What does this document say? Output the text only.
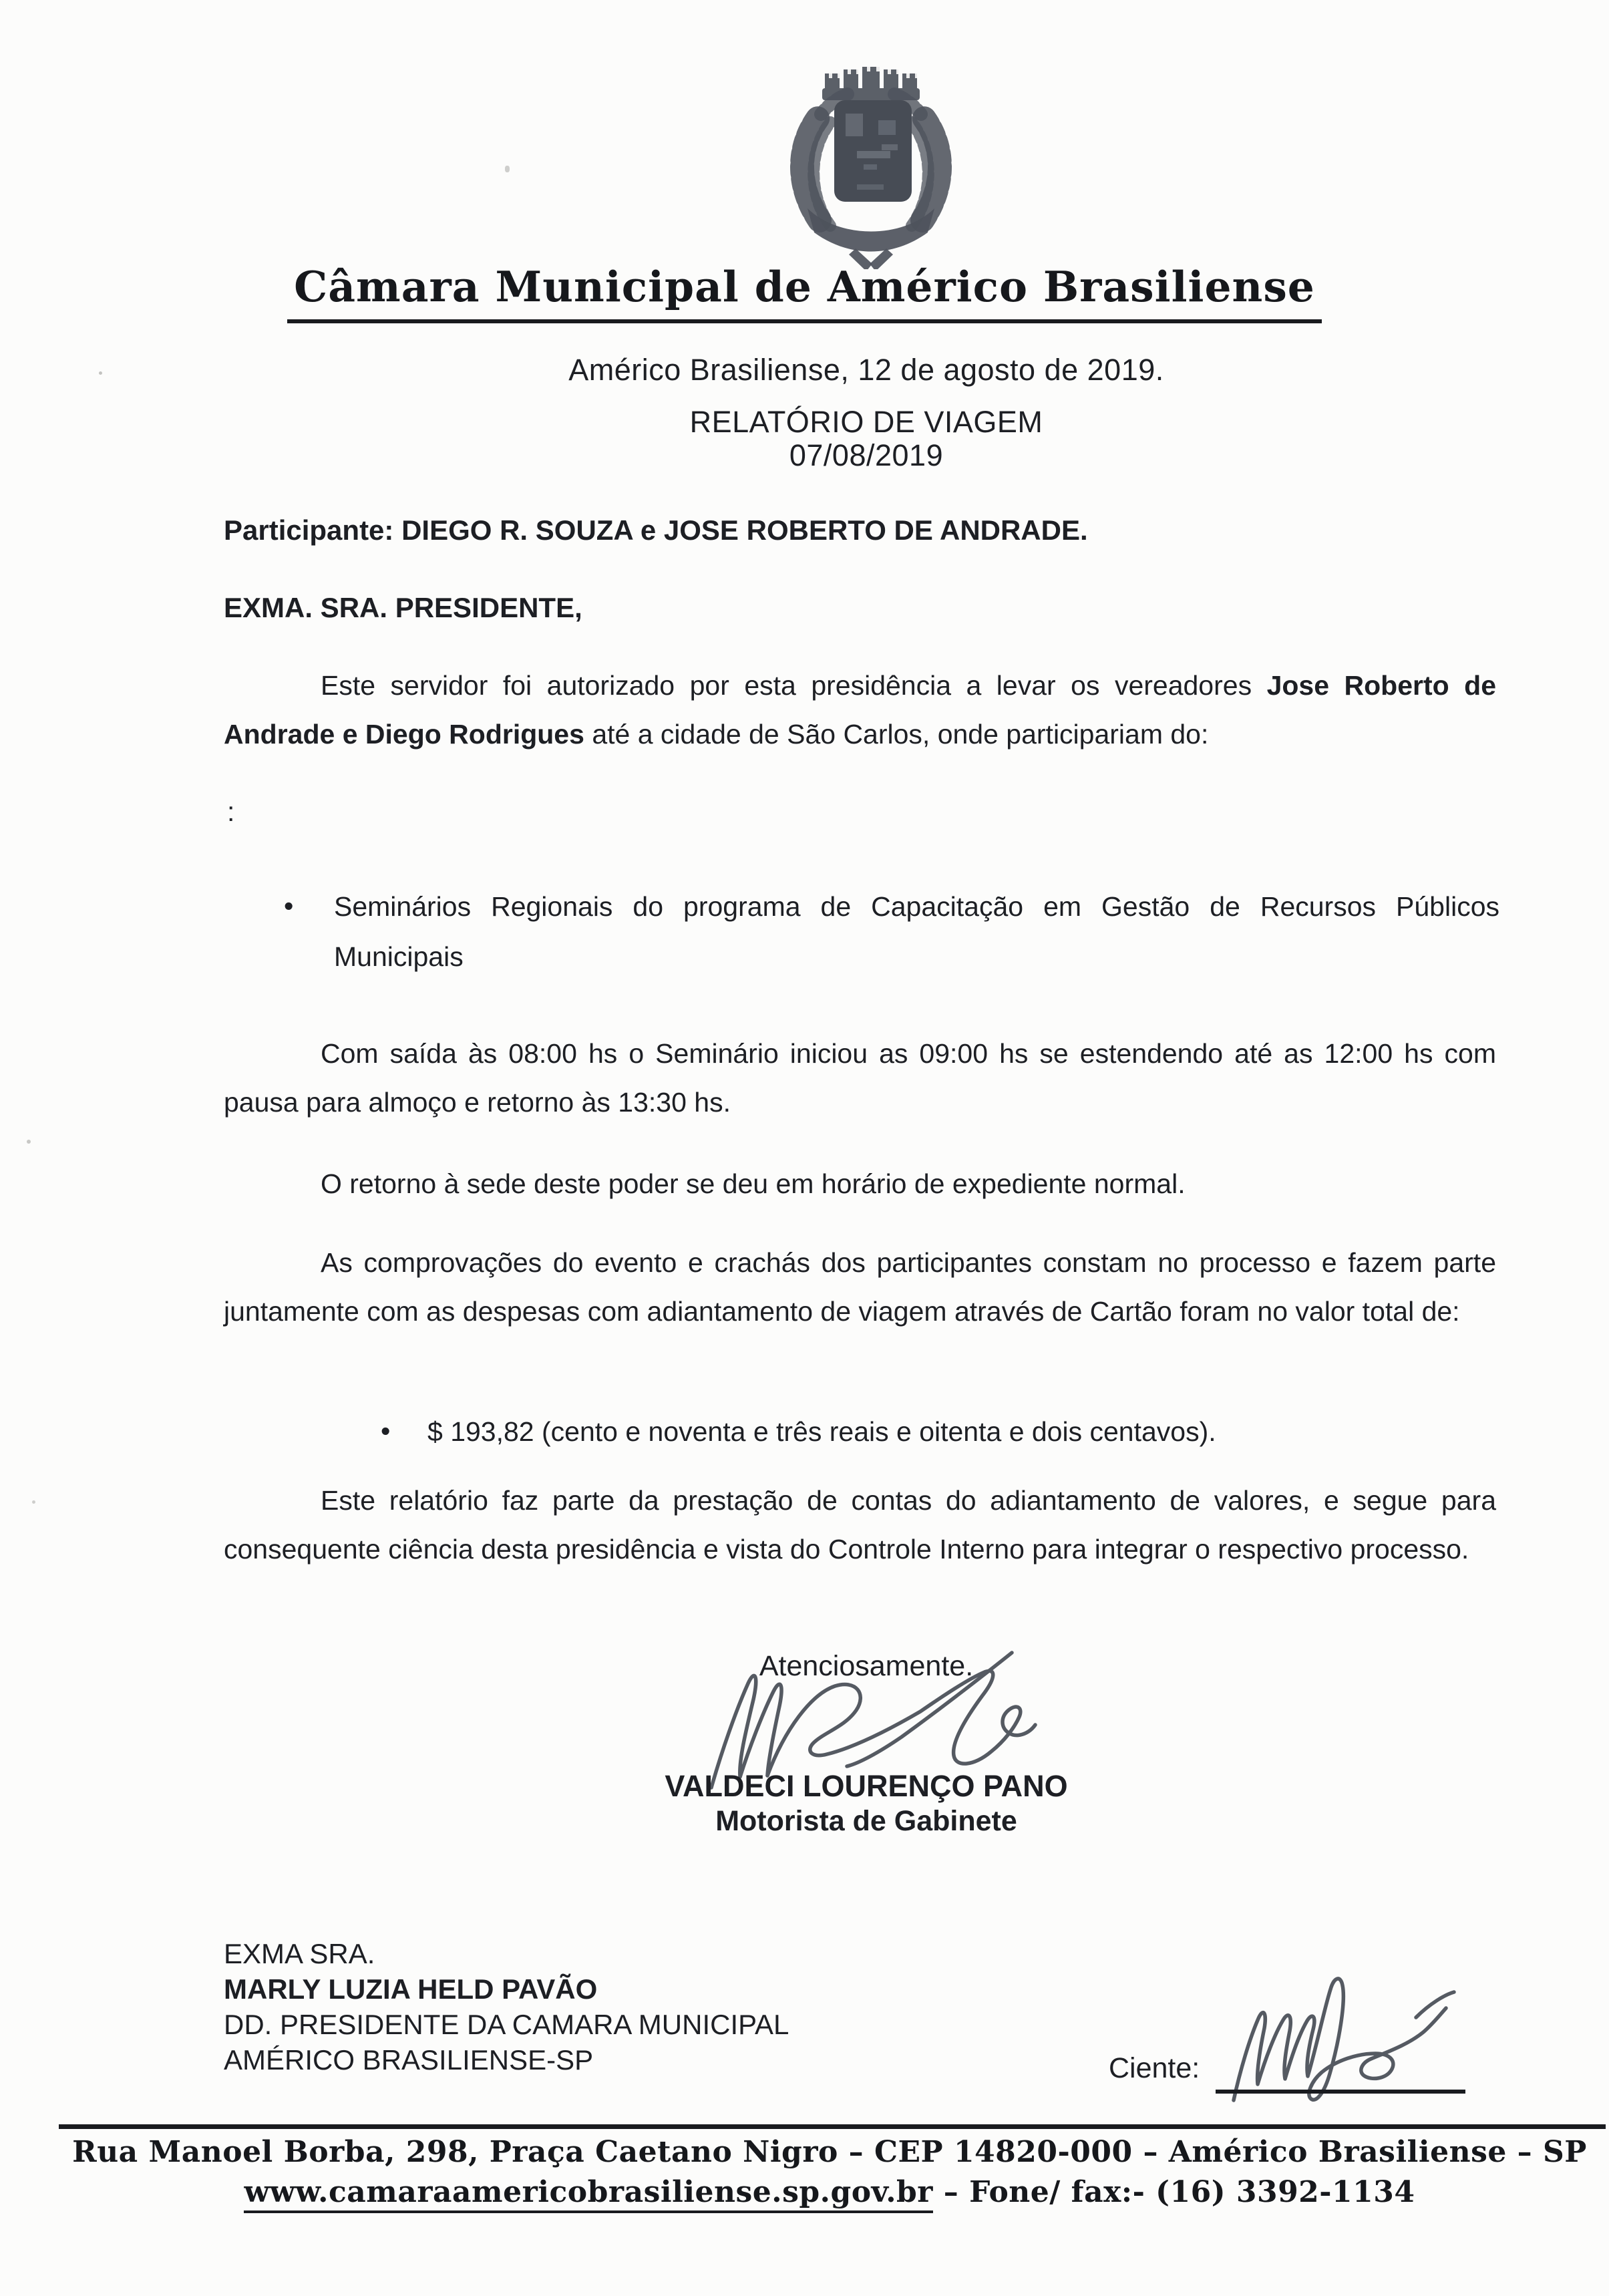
Câmara Municipal de Américo Brasiliense
Américo Brasiliense, 12 de agosto de 2019.
RELATÓRIO DE VIAGEM
07/08/2019
Participante: DIEGO R. SOUZA e JOSE ROBERTO DE ANDRADE.
EXMA. SRA. PRESIDENTE,

Este servidor foi autorizado por esta presidência a levar os vereadores Jose Roberto de Andrade e Diego Rodrigues até a cidade de São Carlos, onde participariam do:

:
• Seminários Regionais do programa de Capacitação em Gestão de Recursos Públicos Municipais

Com saída às 08:00 hs o Seminário iniciou as 09:00 hs se estendendo até as 12:00 hs com pausa para almoço e retorno às 13:30 hs.

O retorno à sede deste poder se deu em horário de expediente normal.

As comprovações do evento e crachás dos participantes constam no processo e fazem parte juntamente com as despesas com adiantamento de viagem através de Cartão foram no valor total de:

• $ 193,82 (cento e noventa e três reais e oitenta e dois centavos).

Este relatório faz parte da prestação de contas do adiantamento de valores, e segue para consequente ciência desta presidência e vista do Controle Interno para integrar o respectivo processo.

Atenciosamente.
VALDECI LOURENÇO PANO
Motorista de Gabinete
EXMA SRA.
MARLY LUZIA HELD PAVÃO
DD. PRESIDENTE DA CAMARA MUNICIPAL
AMÉRICO BRASILIENSE-SP	Ciente:
Rua Manoel Borba, 298, Praça Caetano Nigro – CEP 14820-000 – Américo Brasiliense – SP
www.camaraamericobrasiliense.sp.gov.br – Fone/ fax:- (16) 3392-1134
